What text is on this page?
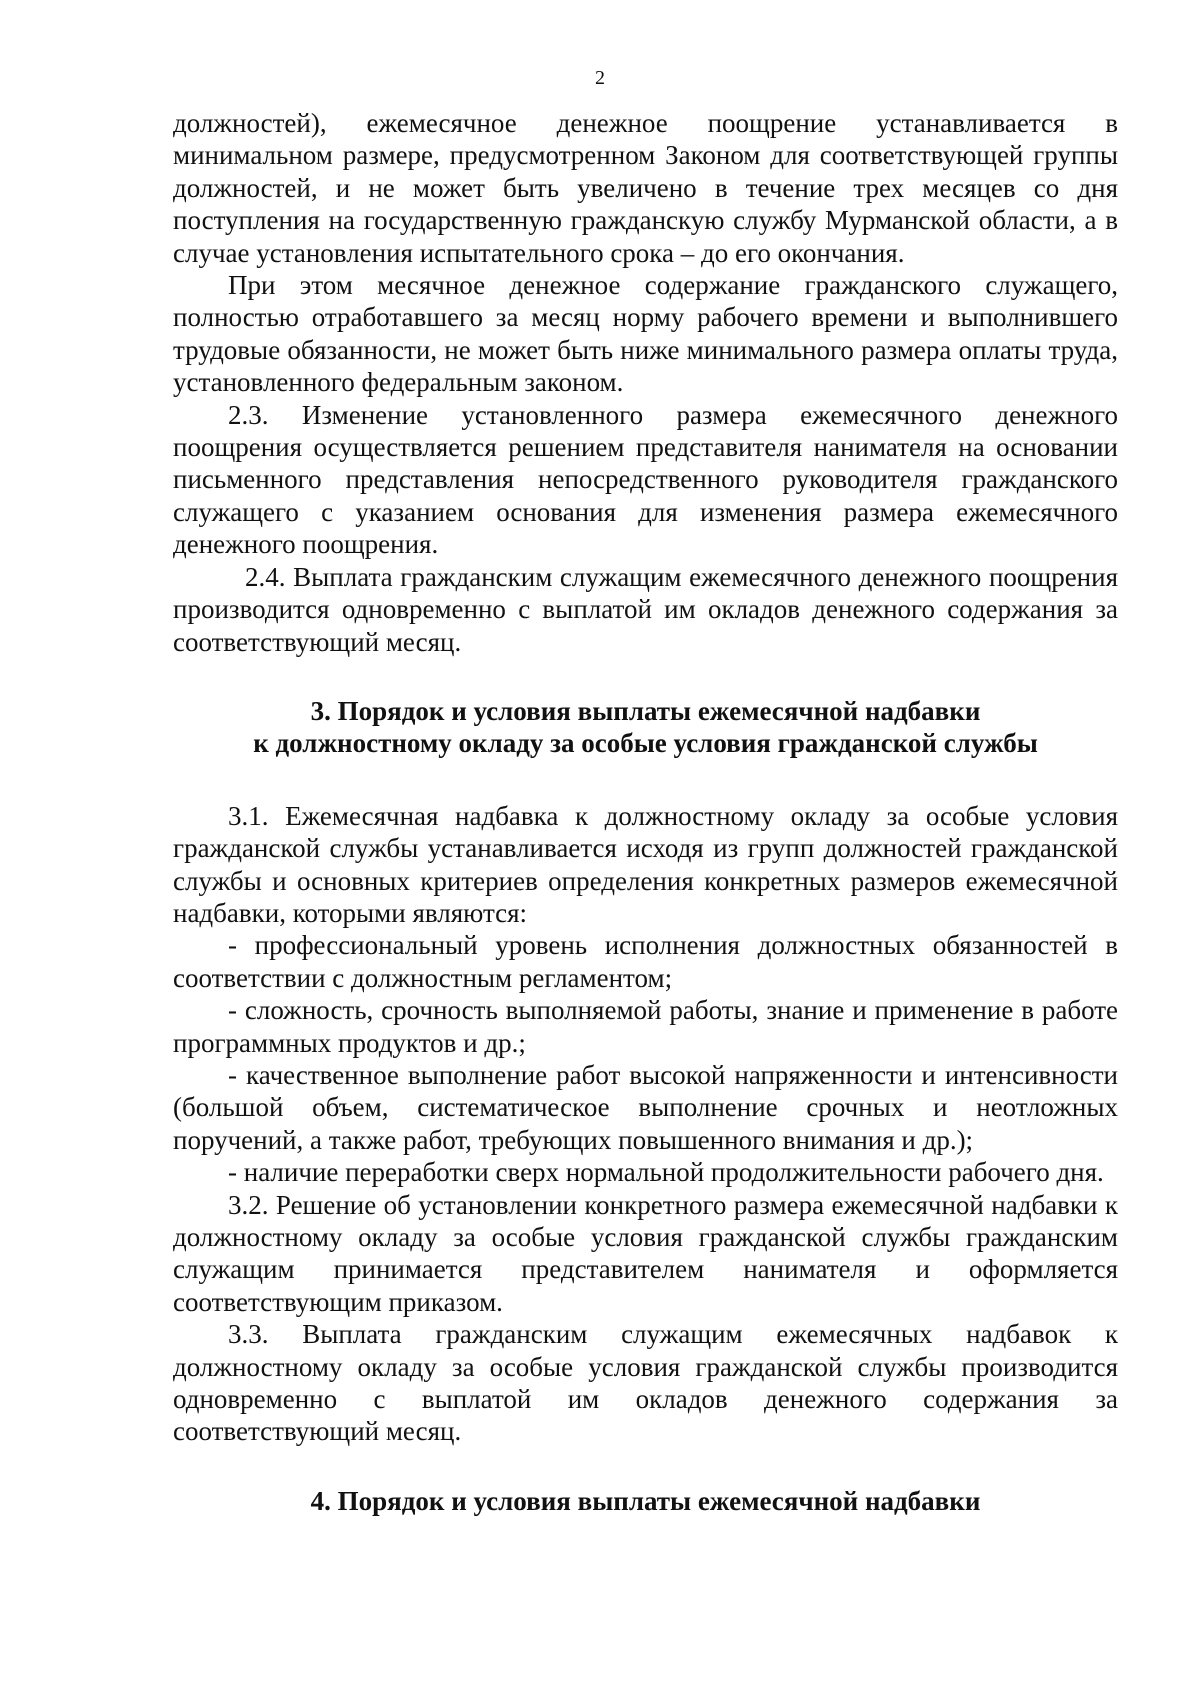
2

должностей), ежемесячное денежное поощрение устанавливается в минимальном размере, предусмотренном Законом для соответствующей группы должностей, и не может быть увеличено в течение трех месяцев со дня поступления на государственную гражданскую службу Мурманской области, а в случае установления испытательного срока – до его окончания.

При этом месячное денежное содержание гражданского служащего, полностью отработавшего за месяц норму рабочего времени и выполнившего трудовые обязанности, не может быть ниже минимального размера оплаты труда, установленного федеральным законом.

2.3. Изменение установленного размера ежемесячного денежного поощрения осуществляется решением представителя нанимателя на основании письменного представления непосредственного руководителя гражданского служащего с указанием основания для изменения размера ежемесячного денежного поощрения.

2.4. Выплата гражданским служащим ежемесячного денежного поощрения производится одновременно с выплатой им окладов денежного содержания за соответствующий месяц.

3. Порядок и условия выплаты ежемесячной надбавки

к должностному окладу за особые условия гражданской службы

3.1. Ежемесячная надбавка к должностному окладу за особые условия гражданской службы устанавливается исходя из групп должностей гражданской службы и основных критериев определения конкретных размеров ежемесячной надбавки, которыми являются:

- профессиональный уровень исполнения должностных обязанностей в соответствии с должностным регламентом;

- сложность, срочность выполняемой работы, знание и применение в работе программных продуктов и др.;

- качественное выполнение работ высокой напряженности и интенсивности (большой объем, систематическое выполнение срочных и неотложных поручений, а также работ, требующих повышенного внимания и др.);

- наличие переработки сверх нормальной продолжительности рабочего дня.

3.2. Решение об установлении конкретного размера ежемесячной надбавки к должностному окладу за особые условия гражданской службы гражданским служащим принимается представителем нанимателя и оформляется соответствующим приказом.

3.3. Выплата гражданским служащим ежемесячных надбавок к должностному окладу за особые условия гражданской службы производится одновременно с выплатой им окладов денежного содержания за соответствующий месяц.

4. Порядок и условия выплаты ежемесячной надбавки
